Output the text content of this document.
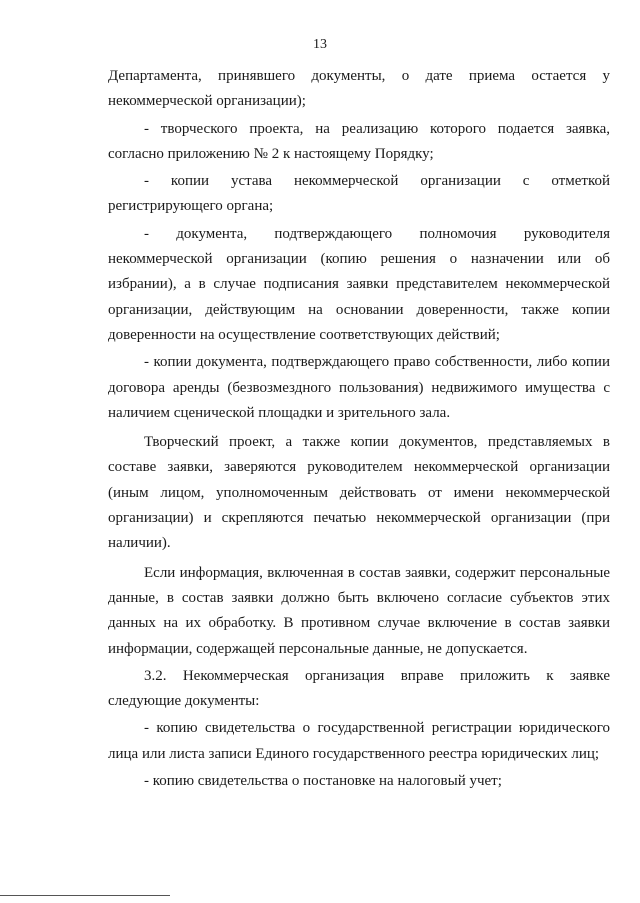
13

Департамента, принявшего документы, о дате приема остается у некоммерческой организации);

- творческого проекта, на реализацию которого подается заявка, согласно приложению № 2 к настоящему Порядку;

- копии устава некоммерческой организации с отметкой регистрирующего органа;

- документа, подтверждающего полномочия руководителя некоммерческой организации (копию решения о назначении или об избрании), а в случае подписания заявки представителем некоммерческой организации, действующим на основании доверенности, также копии доверенности на осуществление соответствующих действий;

- копии документа, подтверждающего право собственности, либо копии договора аренды (безвозмездного пользования) недвижимого имущества с наличием сценической площадки и зрительного зала.

Творческий проект, а также копии документов, представляемых в составе заявки, заверяются руководителем некоммерческой организации (иным лицом, уполномоченным действовать от имени некоммерческой организации) и скрепляются печатью некоммерческой организации (при наличии).

Если информация, включенная в состав заявки, содержит персональные данные, в состав заявки должно быть включено согласие субъектов этих данных на их обработку. В противном случае включение в состав заявки информации, содержащей персональные данные, не допускается.

3.2. Некоммерческая организация вправе приложить к заявке следующие документы:

- копию свидетельства о государственной регистрации юридического лица или листа записи Единого государственного реестра юридических лиц;

- копию свидетельства о постановке на налоговый учет;
